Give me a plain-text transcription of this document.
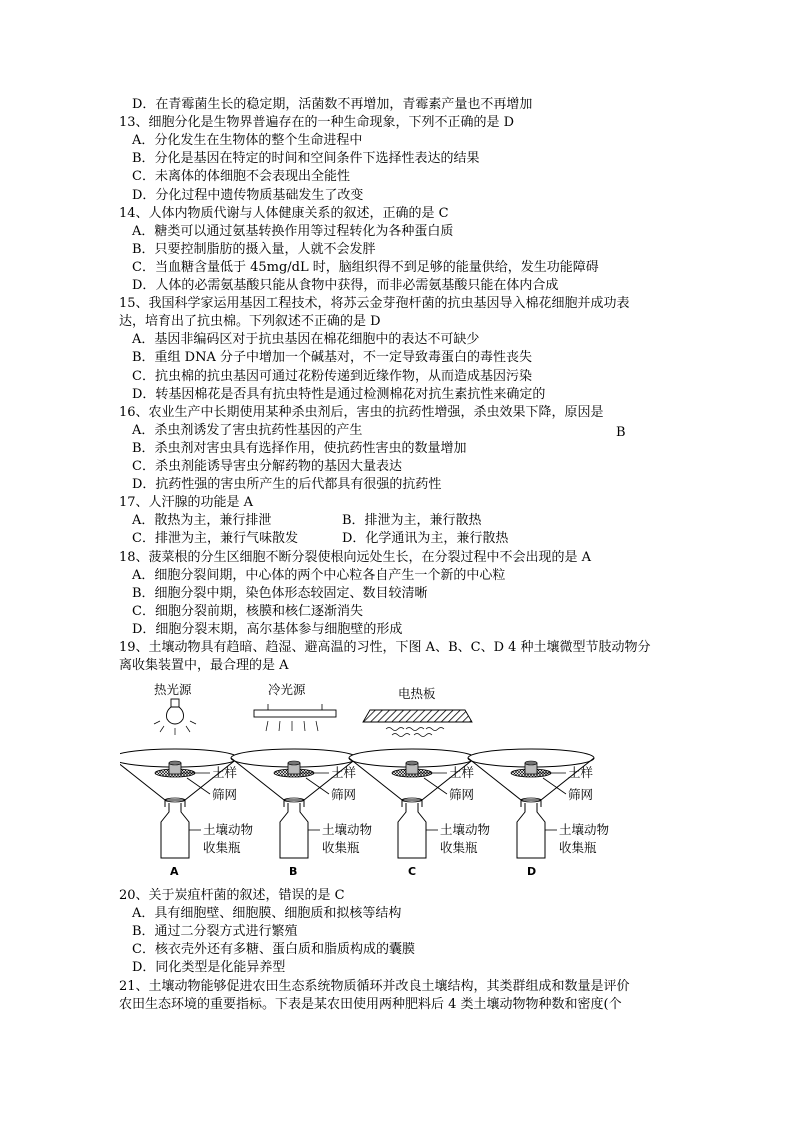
D．在青霉菌生长的稳定期，活菌数不再增加，青霉素产量也不再增加
13、细胞分化是生物界普遍存在的一种生命现象，下列不正确的是 D
A．分化发生在生物体的整个生命进程中
B．分化是基因在特定的时间和空间条件下选择性表达的结果
C．未离体的体细胞不会表现出全能性
D．分化过程中遗传物质基础发生了改变
14、人体内物质代谢与人体健康关系的叙述，正确的是 C
A．糖类可以通过氨基转换作用等过程转化为各种蛋白质
B．只要控制脂肪的摄入量，人就不会发胖
C．当血糖含量低于 45mg/dL 时，脑组织得不到足够的能量供给，发生功能障碍
D．人体的必需氨基酸只能从食物中获得，而非必需氨基酸只能在体内合成
15、我国科学家运用基因工程技术，将苏云金芽孢杆菌的抗虫基因导入棉花细胞并成功表
达，培育出了抗虫棉。下列叙述不正确的是 D
A．基因非编码区对于抗虫基因在棉花细胞中的表达不可缺少
B．重组 DNA 分子中增加一个碱基对，不一定导致毒蛋白的毒性丧失
C．抗虫棉的抗虫基因可通过花粉传递到近缘作物，从而造成基因污染
D．转基因棉花是否具有抗虫特性是通过检测棉花对抗生素抗性来确定的
16、农业生产中长期使用某种杀虫剂后，害虫的抗药性增强，杀虫效果下降，原因是
A．杀虫剂诱发了害虫抗药性基因的产生
B．杀虫剂对害虫具有选择作用，使抗药性害虫的数量增加
C．杀虫剂能诱导害虫分解药物的基因大量表达
D．抗药性强的害虫所产生的后代都具有很强的抗药性
17、人汗腺的功能是 A
A．散热为主，兼行排泄	B．排泄为主，兼行散热
C．排泄为主，兼行气味散发	D．化学通讯为主，兼行散热
18、菠菜根的分生区细胞不断分裂使根向远处生长，在分裂过程中不会出现的是 A
A．细胞分裂间期，中心体的两个中心粒各自产生一个新的中心粒
B．细胞分裂中期，染色体形态较固定、数目较清晰
C．细胞分裂前期，核膜和核仁逐渐消失
D．细胞分裂末期，高尔基体参与细胞壁的形成
19、土壤动物具有趋暗、趋湿、避高温的习性，下图 A、B、C、D 4 种土壤微型节肢动物分
离收集装置中，最合理的是 A
B
热光源
土样
筛网
土壤动物
收集瓶
A
冷光源
土样
筛网
土壤动物
收集瓶
B
电热板
土样
筛网
土壤动物
收集瓶
C
土样
筛网
土壤动物
收集瓶
D
20、关于炭疽杆菌的叙述，错误的是 C
A．具有细胞壁、细胞膜、细胞质和拟核等结构
B．通过二分裂方式进行繁殖
C．核衣壳外还有多糖、蛋白质和脂质构成的囊膜
D．同化类型是化能异养型
21、土壤动物能够促进农田生态系统物质循环并改良土壤结构，其类群组成和数量是评价
农田生态环境的重要指标。下表是某农田使用两种肥料后 4 类土壤动物物种数和密度(个
